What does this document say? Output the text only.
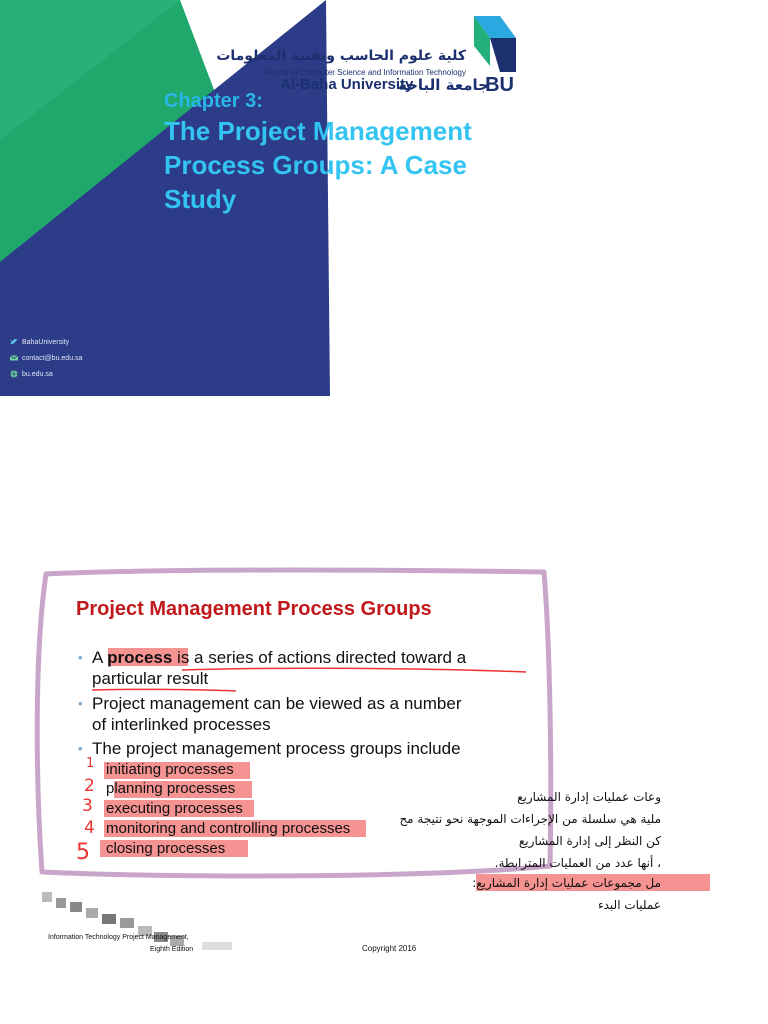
كلية علوم الحاسب وتقنية المعلومات
Faculty of Computer Science and Information Technology
Al-Baha University
جامعة الباحة
BU
Chapter 3:
The Project Management Process Groups: A Case Study
BahaUniversity
contact@bu.edu.sa
bu.edu.sa
Project Management Process Groups
• A process is a series of actions directed toward a
particular result
• Project management can be viewed as a number
of interlinked processes
• The project management process groups include
initiating processes
planning processes
executing processes
monitoring and controlling processes
closing processes
1
2
3
4
5
وعات عمليات إدارة المشاريع
ملية هي سلسلة من الإجراءات الموجهة نحو نتيجة مح
كن النظر إلى إدارة المشاريع
، أنها عدد من العمليات المترابطة.
مل مجموعات عمليات إدارة المشاريع:
عمليات البدء
Information Technology Project Management,
Eighth Edition	Copyright 2016
